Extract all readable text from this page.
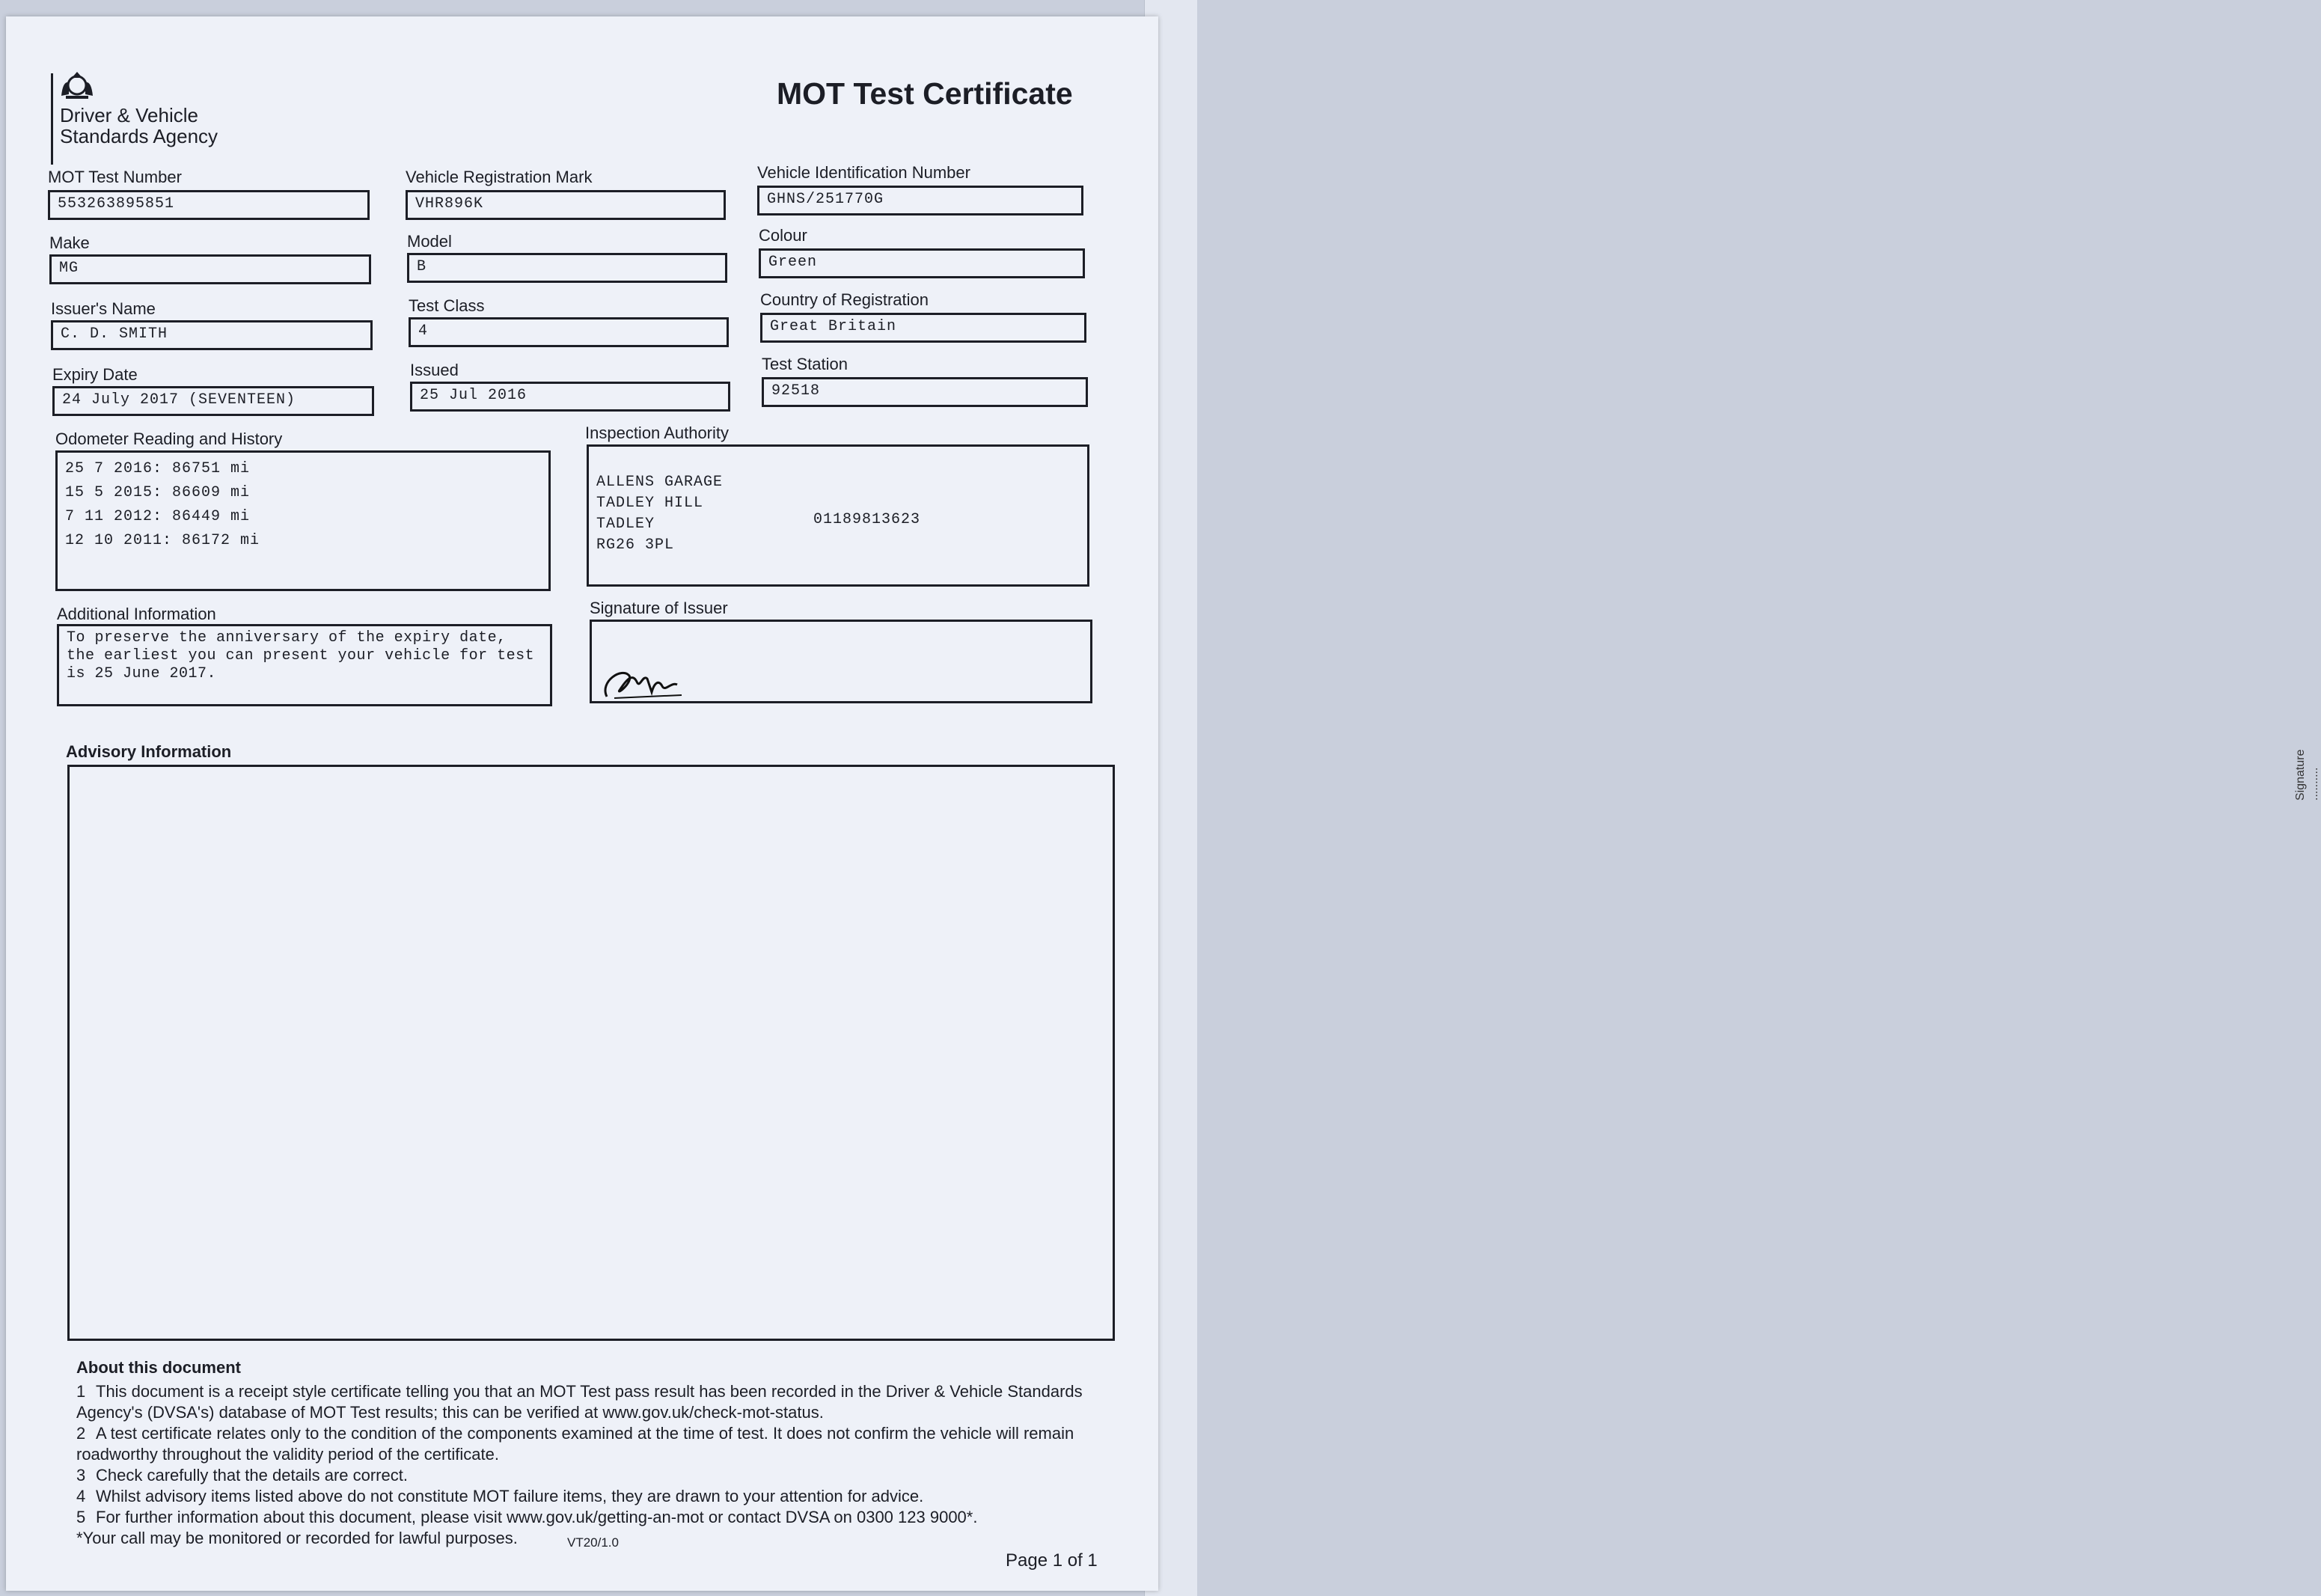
Signature ..........
Driver & Vehicle Standards Agency
MOT Test Certificate
MOT Test Number
553263895851
Vehicle Registration Mark
VHR896K
Vehicle Identification Number
GHNS/251770G
Make
MG
Model
B
Colour
Green
Issuer's Name
C. D. SMITH
Test Class
4
Country of Registration
Great Britain
Expiry Date
24 July 2017 (SEVENTEEN)
Issued
25 Jul 2016
Test Station
92518
Odometer Reading and History
25 7 2016: 86751 mi
15 5 2015: 86609 mi
7 11 2012: 86449 mi
12 10 2011: 86172 mi
Inspection Authority

ALLENS GARAGE
TADLEY HILL
TADLEY
RG26 3PL

01189813623

Additional Information
To preserve the anniversary of the expiry date, the earliest you can present your vehicle for test is 25 June 2017.
Signature of Issuer
Advisory Information
About this document

1 This document is a receipt style certificate telling you that an MOT Test pass result has been recorded in the Driver & Vehicle Standards Agency's (DVSA's) database of MOT Test results; this can be verified at www.gov.uk/check-mot-status.

2 A test certificate relates only to the condition of the components examined at the time of test. It does not confirm the vehicle will remain roadworthy throughout the validity period of the certificate.

3 Check carefully that the details are correct.

4 Whilst advisory items listed above do not constitute MOT failure items, they are drawn to your attention for advice.

5 For further information about this document, please visit www.gov.uk/getting-an-mot or contact DVSA on 0300 123 9000*.

*Your call may be monitored or recorded for lawful purposes.	VT20/1.0
Page 1 of 1
